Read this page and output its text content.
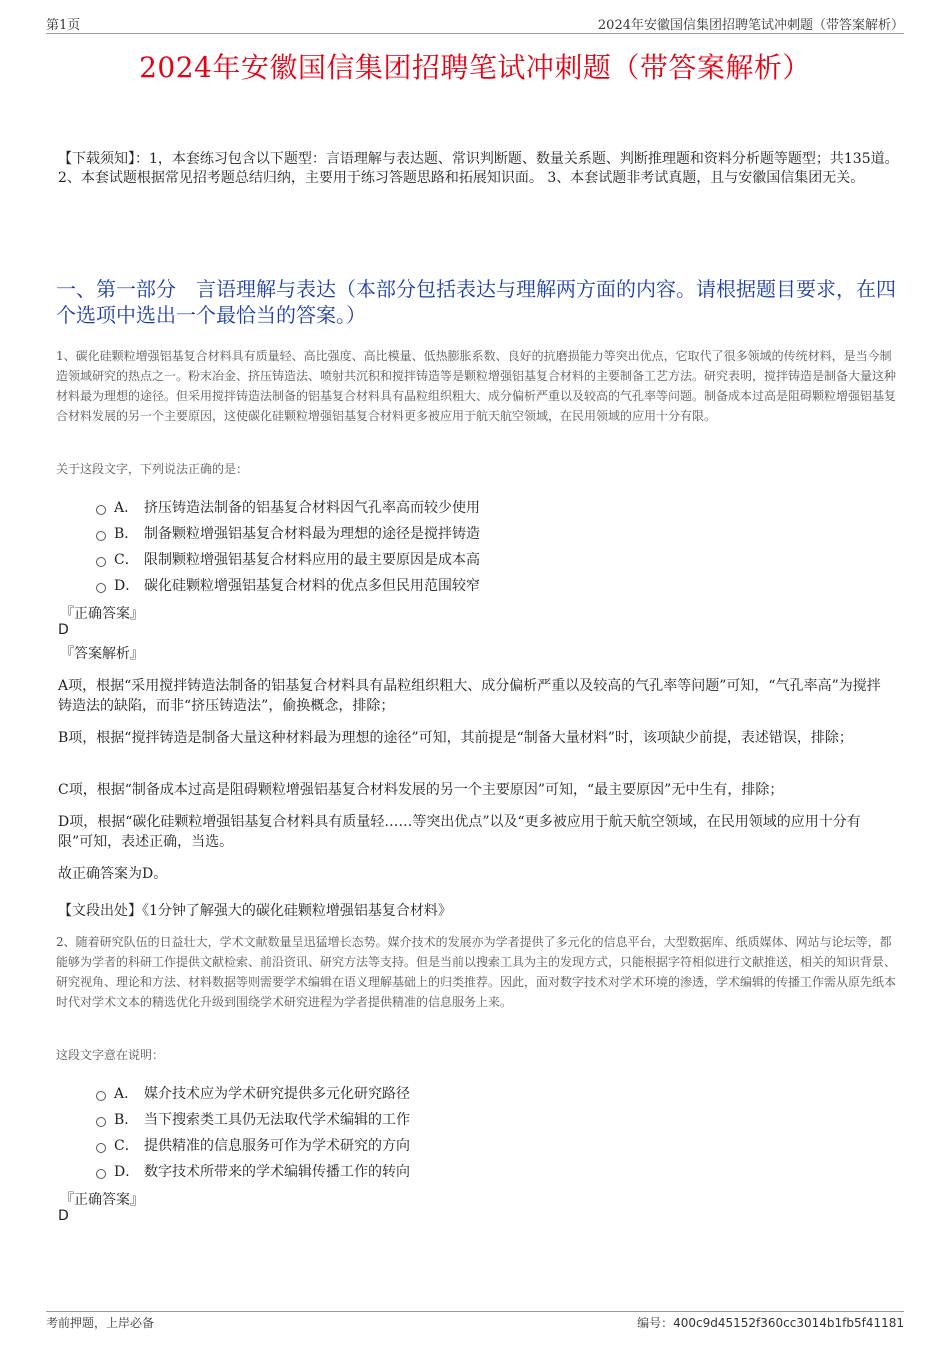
第1页	2024年安徽国信集团招聘笔试冲刺题（带答案解析）
2024年安徽国信集团招聘笔试冲刺题（带答案解析）
【下载须知】：1，本套练习包含以下题型：言语理解与表达题、常识判断题、数量关系题、判断推理题和资料分析题等题型；共135道。 2、本套试题根据常见招考题总结归纳，主要用于练习答题思路和拓展知识面。 3、本套试题非考试真题，且与安徽国信集团无关。
一、第一部分　言语理解与表达（本部分包括表达与理解两方面的内容。请根据题目要求，在四个选项中选出一个最恰当的答案。）
1、碳化硅颗粒增强铝基复合材料具有质量轻、高比强度、高比模量、低热膨胀系数、良好的抗磨损能力等突出优点，它取代了很多领域的传统材料，是当今制造领域研究的热点之一。粉末冶金、挤压铸造法、喷射共沉积和搅拌铸造等是颗粒增强铝基复合材料的主要制备工艺方法。研究表明，搅拌铸造是制备大量这种材料最为理想的途径。但采用搅拌铸造法制备的铝基复合材料具有晶粒组织粗大、成分偏析严重以及较高的气孔率等问题。制备成本过高是阻碍颗粒增强铝基复合材料发展的另一个主要原因，这使碳化硅颗粒增强铝基复合材料更多被应用于航天航空领域，在民用领域的应用十分有限。
关于这段文字，下列说法正确的是：
A． 挤压铸造法制备的铝基复合材料因气孔率高而较少使用
B． 制备颗粒增强铝基复合材料最为理想的途径是搅拌铸造
C． 限制颗粒增强铝基复合材料应用的最主要原因是成本高
D． 碳化硅颗粒增强铝基复合材料的优点多但民用范围较窄
『正确答案』
D
『答案解析』
A项，根据“采用搅拌铸造法制备的铝基复合材料具有晶粒组织粗大、成分偏析严重以及较高的气孔率等问题”可知，“气孔率高”为搅拌铸造法的缺陷，而非“挤压铸造法”，偷换概念，排除；
B项，根据“搅拌铸造是制备大量这种材料最为理想的途径”可知，其前提是“制备大量材料”时，该项缺少前提，表述错误，排除；
C项，根据“制备成本过高是阻碍颗粒增强铝基复合材料发展的另一个主要原因”可知，“最主要原因”无中生有，排除；
D项，根据“碳化硅颗粒增强铝基复合材料具有质量轻……等突出优点”以及“更多被应用于航天航空领域，在民用领域的应用十分有限”可知，表述正确，当选。
故正确答案为D。
【文段出处】《1分钟了解强大的碳化硅颗粒增强铝基复合材料》
2、随着研究队伍的日益壮大，学术文献数量呈迅猛增长态势。媒介技术的发展亦为学者提供了多元化的信息平台，大型数据库、纸质媒体、网站与论坛等，都能够为学者的科研工作提供文献检索、前沿资讯、研究方法等支持。但是当前以搜索工具为主的发现方式，只能根据字符相似进行文献推送，相关的知识背景、研究视角、理论和方法、材料数据等则需要学术编辑在语义理解基础上的归类推荐。因此，面对数字技术对学术环境的渗透，学术编辑的传播工作需从原先纸本时代对学术文本的精选优化升级到围绕学术研究进程为学者提供精准的信息服务上来。
这段文字意在说明：
A． 媒介技术应为学术研究提供多元化研究路径
B． 当下搜索类工具仍无法取代学术编辑的工作
C． 提供精准的信息服务可作为学术研究的方向
D． 数字技术所带来的学术编辑传播工作的转向
『正确答案』
D
考前押题，上岸必备	编号：400c9d45152f360cc3014b1fb5f41181
